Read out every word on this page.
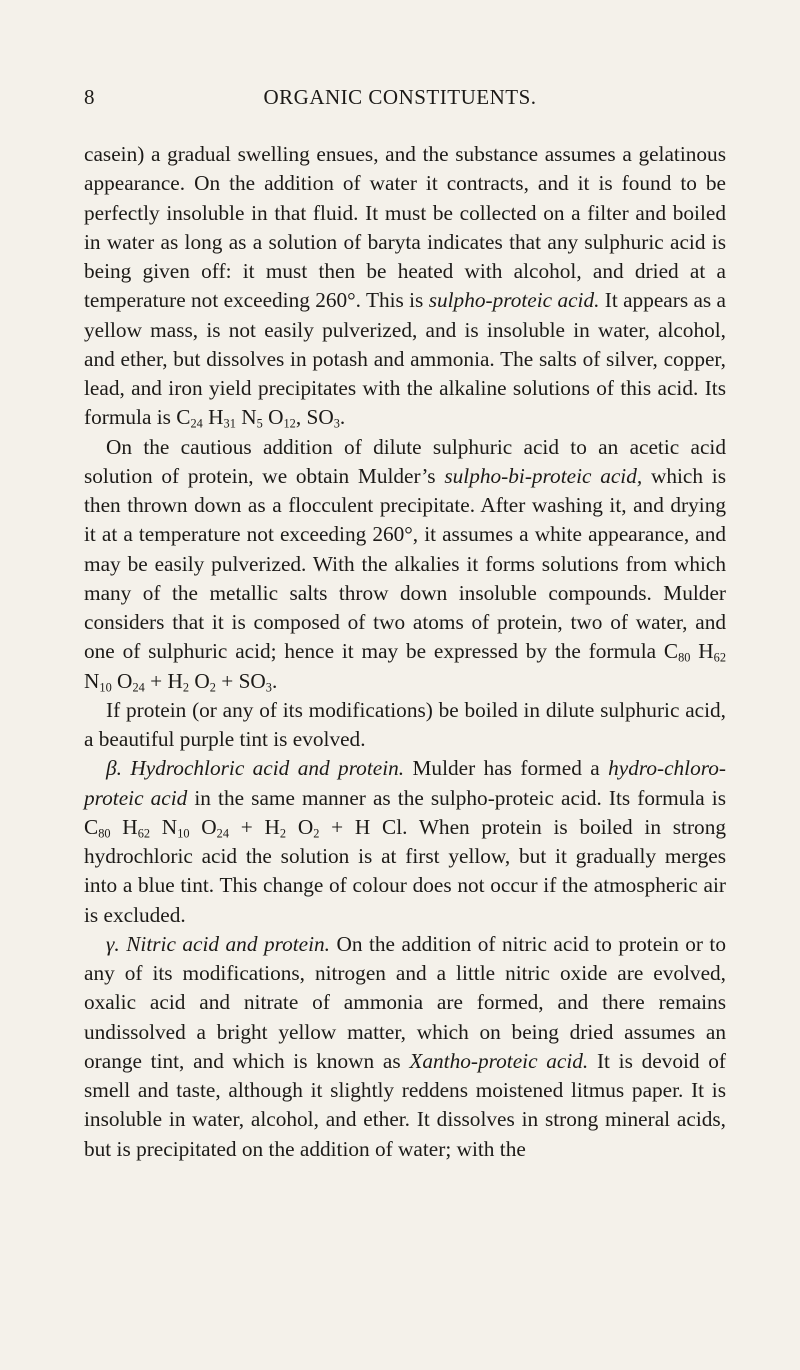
8	ORGANIC CONSTITUENTS.

casein) a gradual swelling ensues, and the substance assumes a gelatinous appearance. On the addition of water it contracts, and it is found to be perfectly insoluble in that fluid. It must be collected on a filter and boiled in water as long as a solution of baryta indicates that any sulphuric acid is being given off: it must then be heated with alcohol, and dried at a temperature not exceeding 260°. This is sulpho-proteic acid. It appears as a yellow mass, is not easily pulverized, and is insoluble in water, alcohol, and ether, but dissolves in potash and ammonia. The salts of silver, copper, lead, and iron yield precipitates with the alkaline solutions of this acid. Its formula is $C_{24}$ $H_{31}$ $N_5$ $O_{12}$, $SO_3$.

On the cautious addition of dilute sulphuric acid to an acetic acid solution of protein, we obtain Mulder’s sulpho-bi-proteic acid, which is then thrown down as a flocculent precipitate. After washing it, and drying it at a temperature not exceeding 260°, it assumes a white appearance, and may be easily pulverized. With the alkalies it forms solutions from which many of the metallic salts throw down insoluble compounds. Mulder considers that it is composed of two atoms of protein, two of water, and one of sulphuric acid; hence it may be expressed by the formula $C_{80}$ $H_{62}$ $N_{10}$ $O_{24} + H_2$ $O_2 + SO_3$.

If protein (or any of its modifications) be boiled in dilute sulphuric acid, a beautiful purple tint is evolved.

β. Hydrochloric acid and protein. Mulder has formed a hydro-chloro-proteic acid in the same manner as the sulpho-proteic acid. Its formula is $C_{80}$ $H_{62}$ $N_{10}$ $O_{24} + H_2$ $O_2 + H$ Cl. When protein is boiled in strong hydrochloric acid the solution is at first yellow, but it gradually merges into a blue tint. This change of colour does not occur if the atmospheric air is excluded.

γ. Nitric acid and protein. On the addition of nitric acid to protein or to any of its modifications, nitrogen and a little nitric oxide are evolved, oxalic acid and nitrate of ammonia are formed, and there remains undissolved a bright yellow matter, which on being dried assumes an orange tint, and which is known as Xantho-proteic acid. It is devoid of smell and taste, although it slightly reddens moistened litmus paper. It is insoluble in water, alcohol, and ether. It dissolves in strong mineral acids, but is precipitated on the addition of water; with the
